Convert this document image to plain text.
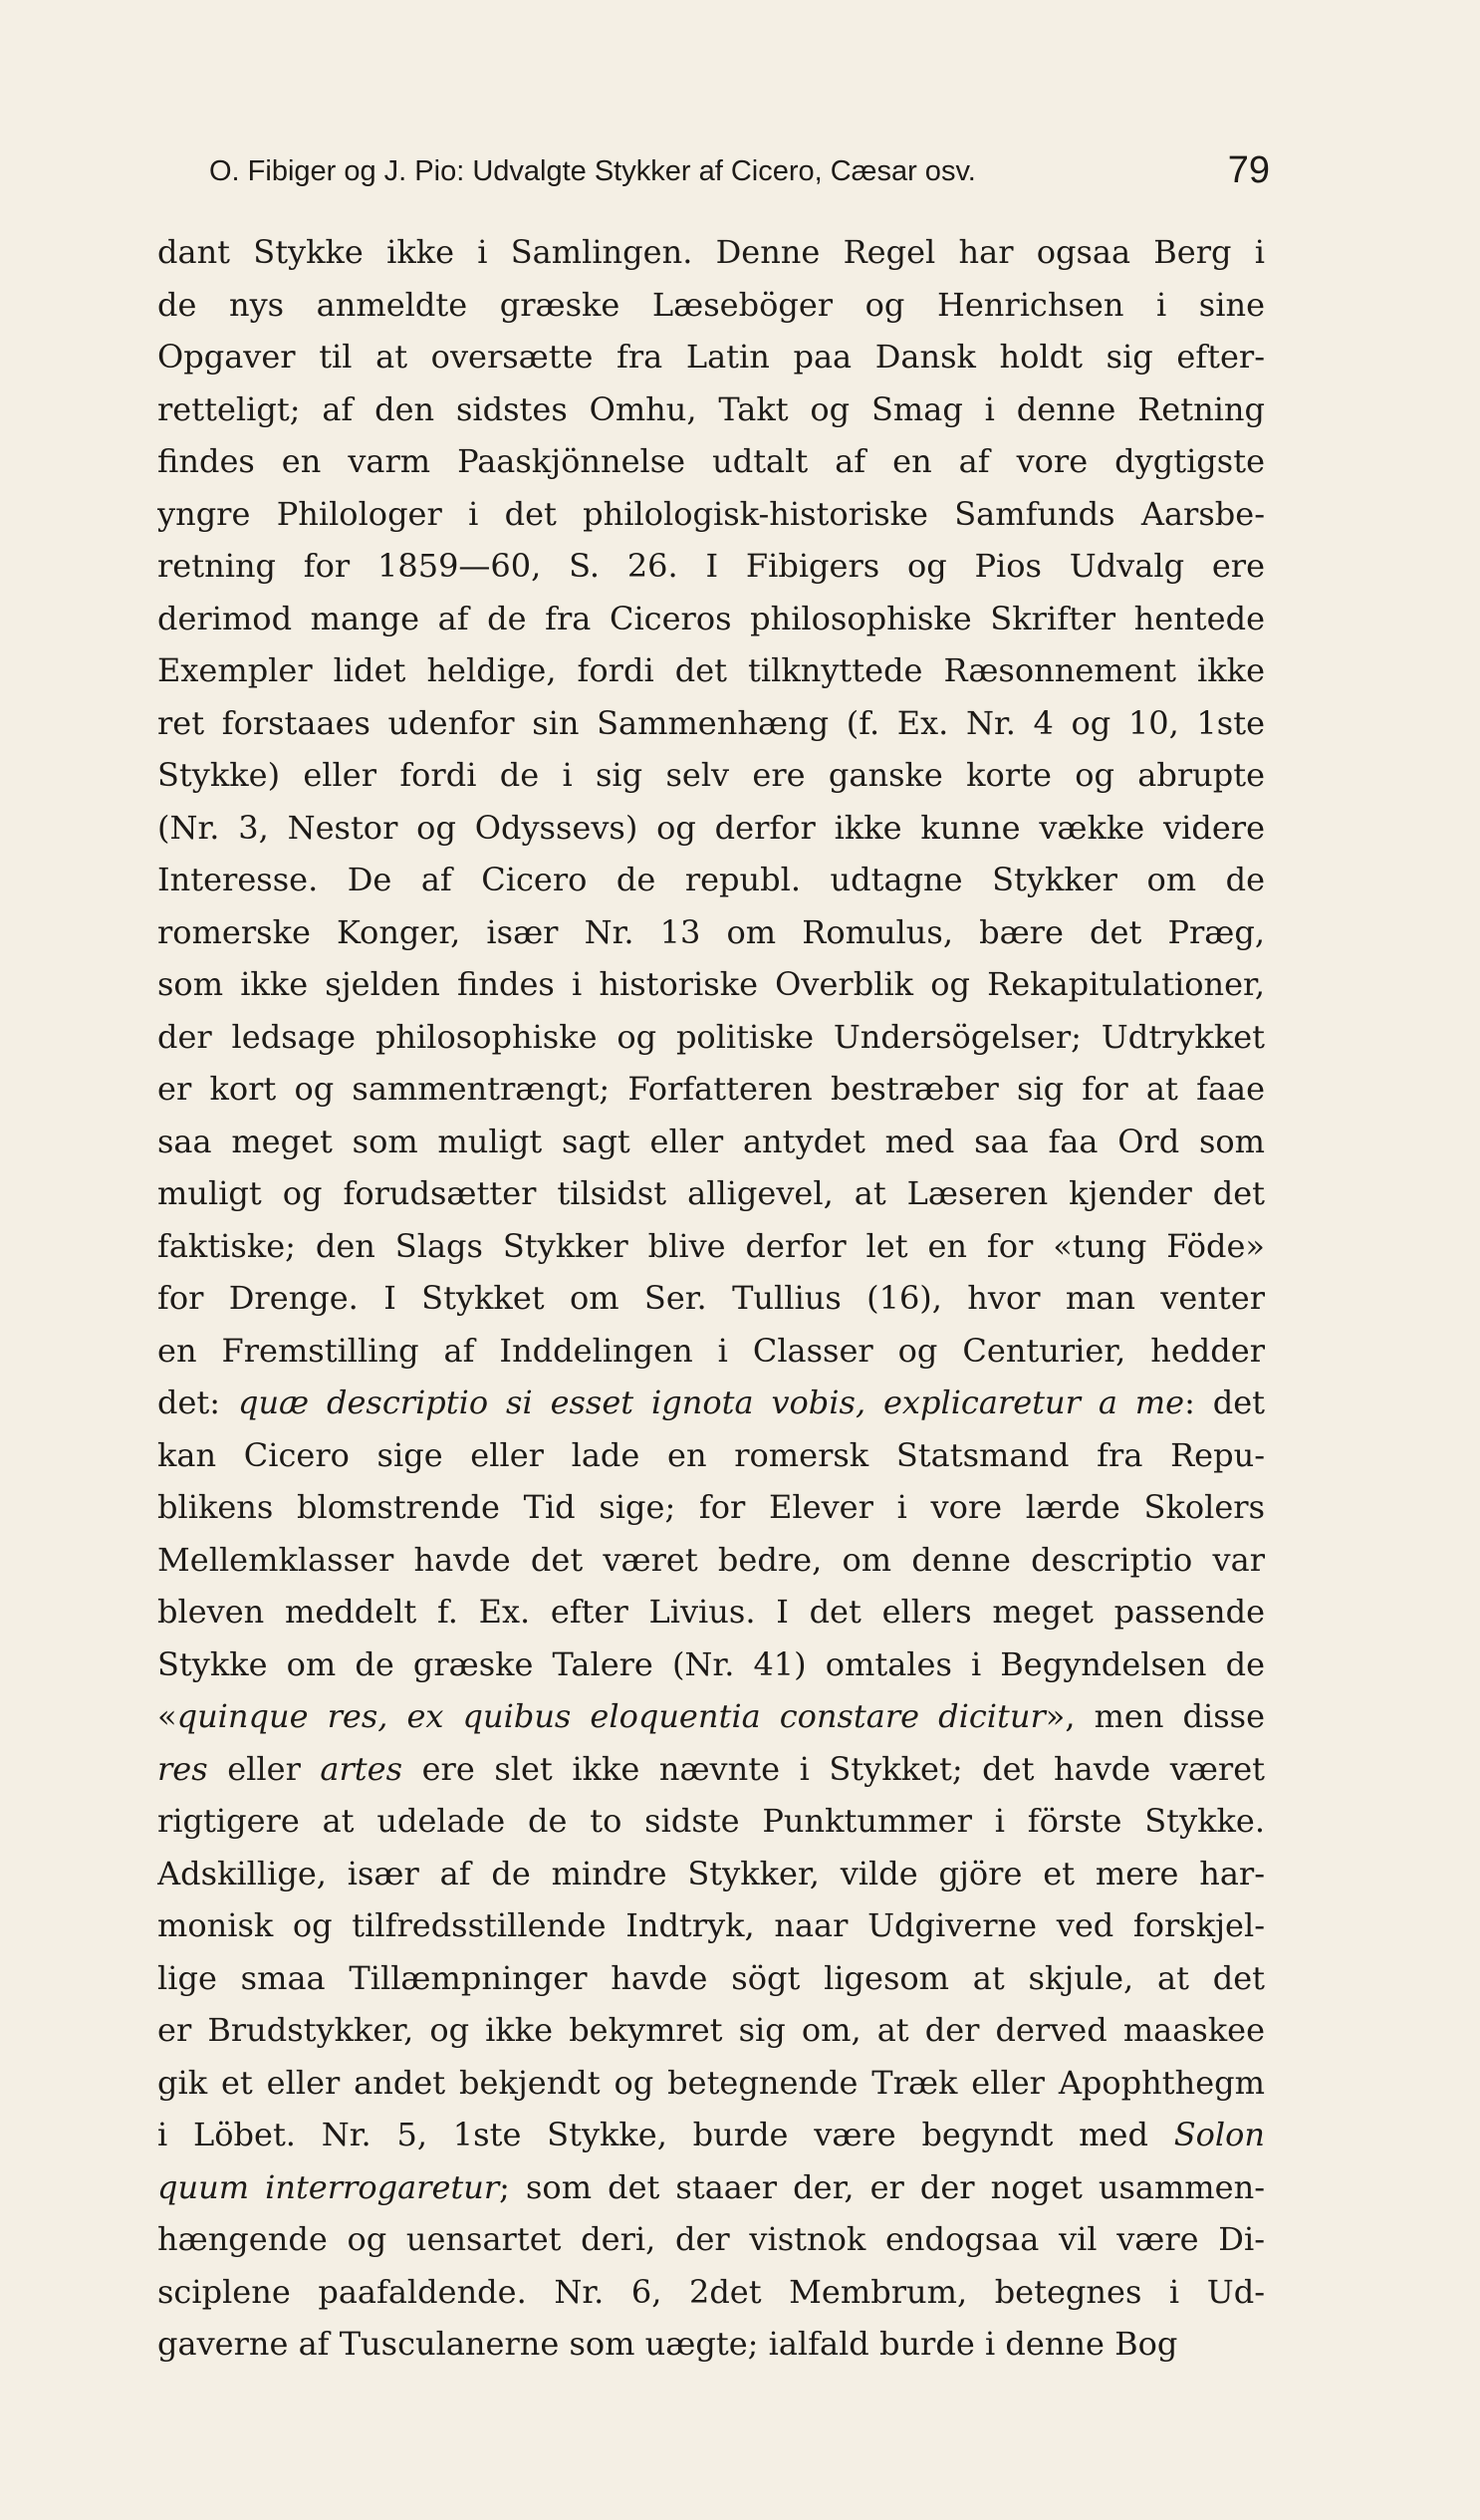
O. Fibiger og J. Pio: Udvalgte Stykker af Cicero, Cæsar osv.	79
dant Stykke ikke i Samlingen. Denne Regel har ogsaa Berg i
de nys anmeldte græske Læseböger og Henrichsen i sine
Opgaver til at oversætte fra Latin paa Dansk holdt sig efter-
retteligt; af den sidstes Omhu, Takt og Smag i denne Retning
findes en varm Paaskjönnelse udtalt af en af vore dygtigste
yngre Philologer i det philologisk-historiske Samfunds Aarsbe-
retning for 1859—60, S. 26. I Fibigers og Pios Udvalg ere
derimod mange af de fra Ciceros philosophiske Skrifter hentede
Exempler lidet heldige, fordi det tilknyttede Ræsonnement ikke
ret forstaaes udenfor sin Sammenhæng (f. Ex. Nr. 4 og 10, 1ste
Stykke) eller fordi de i sig selv ere ganske korte og abrupte
(Nr. 3, Nestor og Odyssevs) og derfor ikke kunne vække videre
Interesse. De af Cicero de republ. udtagne Stykker om de
romerske Konger, især Nr. 13 om Romulus, bære det Præg,
som ikke sjelden findes i historiske Overblik og Rekapitulationer,
der ledsage philosophiske og politiske Undersögelser; Udtrykket
er kort og sammentrængt; Forfatteren bestræber sig for at faae
saa meget som muligt sagt eller antydet med saa faa Ord som
muligt og forudsætter tilsidst alligevel, at Læseren kjender det
faktiske; den Slags Stykker blive derfor let en for «tung Föde»
for Drenge. I Stykket om Ser. Tullius (16), hvor man venter
en Fremstilling af Inddelingen i Classer og Centurier, hedder
det: quæ descriptio si esset ignota vobis, explicaretur a me: det
kan Cicero sige eller lade en romersk Statsmand fra Repu-
blikens blomstrende Tid sige; for Elever i vore lærde Skolers
Mellemklasser havde det været bedre, om denne descriptio var
bleven meddelt f. Ex. efter Livius. I det ellers meget passende
Stykke om de græske Talere (Nr. 41) omtales i Begyndelsen de
«quinque res, ex quibus eloquentia constare dicitur», men disse
res eller artes ere slet ikke nævnte i Stykket; det havde været
rigtigere at udelade de to sidste Punktummer i förste Stykke.
Adskillige, især af de mindre Stykker, vilde gjöre et mere har-
monisk og tilfredsstillende Indtryk, naar Udgiverne ved forskjel-
lige smaa Tillæmpninger havde sögt ligesom at skjule, at det
er Brudstykker, og ikke bekymret sig om, at der derved maaskee
gik et eller andet bekjendt og betegnende Træk eller Apophthegm
i Löbet. Nr. 5, 1ste Stykke, burde være begyndt med Solon
quum interrogaretur; som det staaer der, er der noget usammen-
hængende og uensartet deri, der vistnok endogsaa vil være Di-
sciplene paafaldende. Nr. 6, 2det Membrum, betegnes i Ud-
gaverne af Tusculanerne som uægte; ialfald burde i denne Bog
